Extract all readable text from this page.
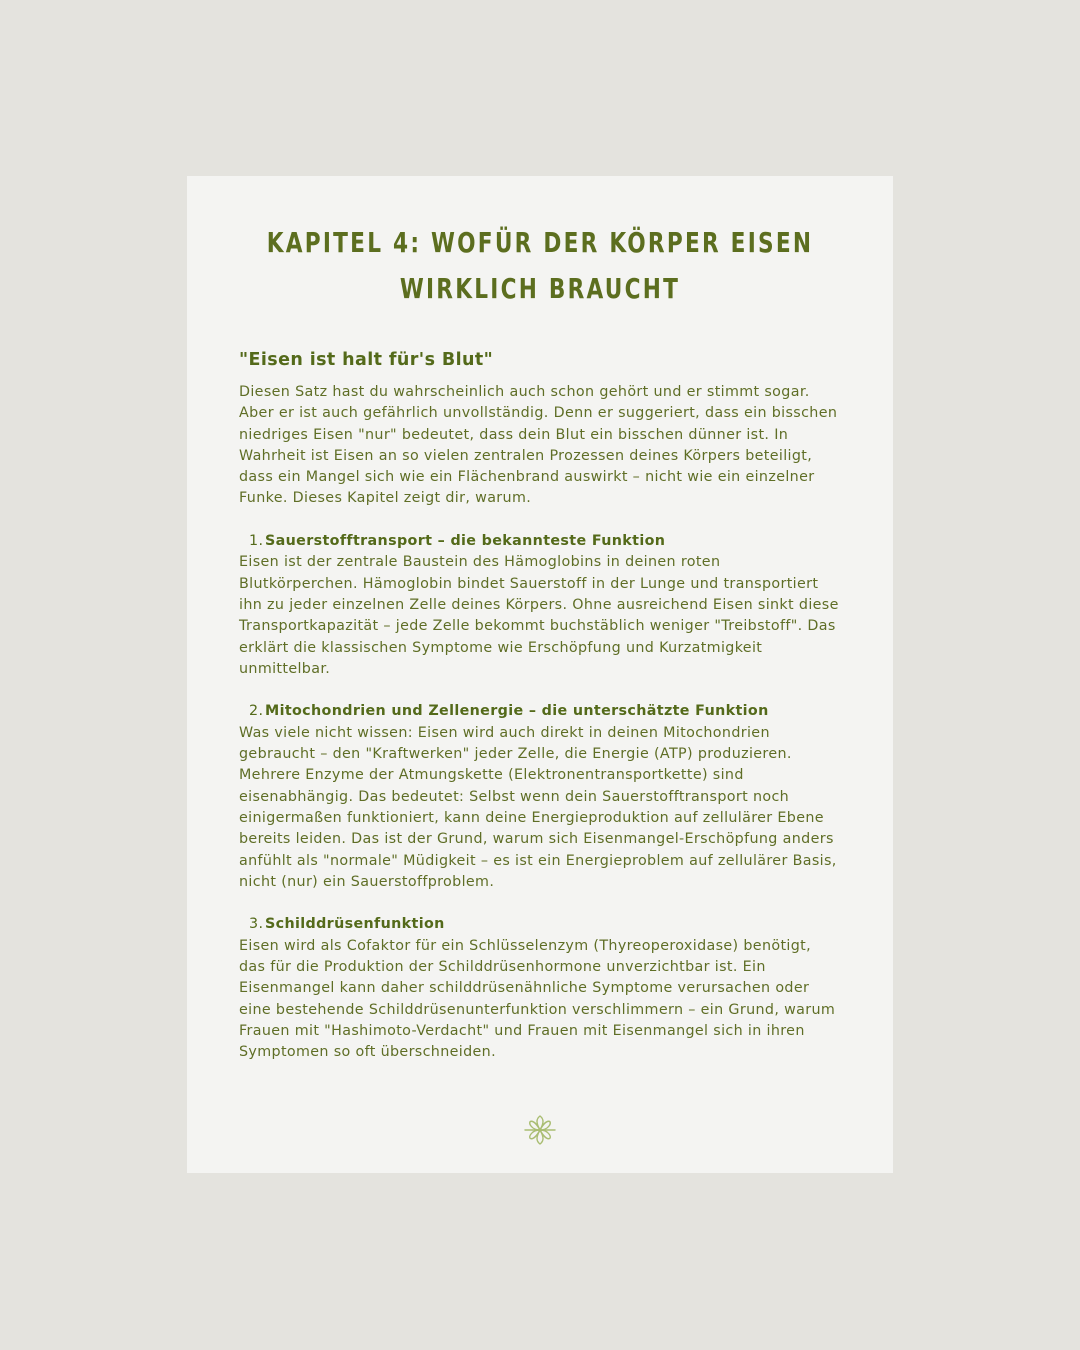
KAPITEL 4: WOFÜR DER KÖRPER EISEN
WIRKLICH BRAUCHT
"Eisen ist halt für's Blut"

Diesen Satz hast du wahrscheinlich auch schon gehört und er stimmt sogar. Aber er ist auch gefährlich unvollständig. Denn er suggeriert, dass ein bisschen niedriges Eisen "nur" bedeutet, dass dein Blut ein bisschen dünner ist. In Wahrheit ist Eisen an so vielen zentralen Prozessen deines Körpers beteiligt, dass ein Mangel sich wie ein Flächenbrand auswirkt – nicht wie ein einzelner Funke. Dieses Kapitel zeigt dir, warum.

1. Sauerstofftransport – die bekannteste Funktion
Eisen ist der zentrale Baustein des Hämoglobins in deinen roten Blutkörperchen. Hämoglobin bindet Sauerstoff in der Lunge und transportiert ihn zu jeder einzelnen Zelle deines Körpers. Ohne ausreichend Eisen sinkt diese Transportkapazität – jede Zelle bekommt buchstäblich weniger "Treibstoff". Das erklärt die klassischen Symptome wie Erschöpfung und Kurzatmigkeit unmittelbar.
2. Mitochondrien und Zellenergie – die unterschätzte Funktion
Was viele nicht wissen: Eisen wird auch direkt in deinen Mitochondrien gebraucht – den "Kraftwerken" jeder Zelle, die Energie (ATP) produzieren. Mehrere Enzyme der Atmungskette (Elektronentransportkette) sind eisenabhängig. Das bedeutet: Selbst wenn dein Sauerstofftransport noch einigermaßen funktioniert, kann deine Energieproduktion auf zellulärer Ebene bereits leiden. Das ist der Grund, warum sich Eisenmangel-Erschöpfung anders anfühlt als "normale" Müdigkeit – es ist ein Energieproblem auf zellulärer Basis, nicht (nur) ein Sauerstoffproblem.
3. Schilddrüsenfunktion
Eisen wird als Cofaktor für ein Schlüsselenzym (Thyreoperoxidase) benötigt, das für die Produktion der Schilddrüsenhormone unverzichtbar ist. Ein Eisenmangel kann daher schilddrüsenähnliche Symptome verursachen oder eine bestehende Schilddrüsenunterfunktion verschlimmern – ein Grund, warum Frauen mit "Hashimoto-Verdacht" und Frauen mit Eisenmangel sich in ihren Symptomen so oft überschneiden.
